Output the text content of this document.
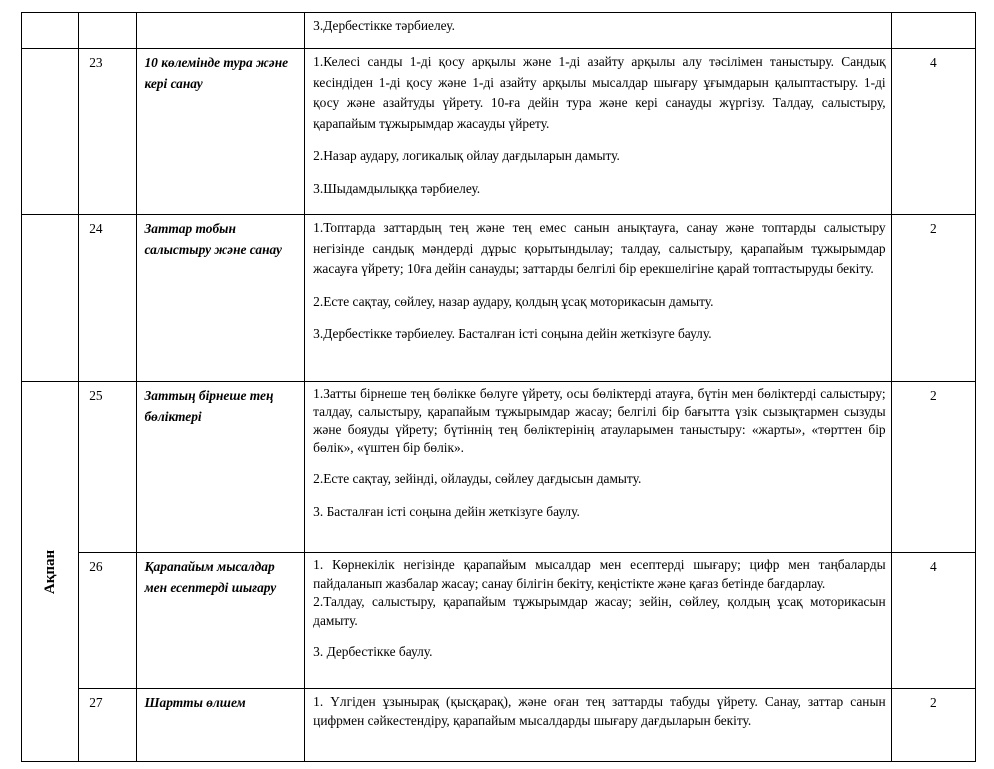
			3.Дербестікке тәрбиелеу.	

	23	10 көлемінде тура және кері санау	1.Келесі санды 1-ді қосу арқылы және 1-ді азайту арқылы алу тәсілімен таныстыру. Сандық кесіндіден 1-ді қосу және 1-ді азайту арқылы мысалдар шығару ұғымдарын қалыптастыру. 1-ді қосу және азайтуды үйрету. 10-ға дейін тура және кері санауды жүргізу. Талдау, салыстыру, қарапайым тұжырымдар жасауды үйрету.

2.Назар аудару, логикалық ойлау дағдыларын дамыту.

3.Шыдамдылыққа тәрбиелеу.	4
	24	Заттар тобын салыстыру және санау	1.Топтарда заттардың тең және тең емес санын анықтауға, санау және топтарды салыстыру негізінде сандық мәндерді дұрыс қорытындылау; талдау, салыстыру, қарапайым тұжырымдар жасауға үйрету; 10ға дейін санауды; заттарды белгілі бір ерекшелігіне қарай топтастыруды бекіту.

2.Есте сақтау, сөйлеу, назар аудару, қолдың ұсақ моторикасын дамыту.

3.Дербестікке тәрбиелеу. Басталған істі соңына дейін жеткізуге баулу.	2

Ақпан	25	Заттың бірнеше тең бөліктері	1.Затты бірнеше тең бөлікке бөлуге үйрету, осы бөліктерді атауға, бүтін мен бөліктерді салыстыру; талдау, салыстыру, қарапайым тұжырымдар жасау; белгілі бір бағытта үзік сызықтармен сызуды және бояуды үйрету; бүтіннің тең бөліктерінің атауларымен таныстыру: «жарты», «төрттен бір бөлік», «үштен бір бөлік».

2.Есте сақтау, зейінді, ойлауды, сөйлеу дағдысын дамыту.

3. Басталған істі соңына дейін жеткізуге баулу.	2
	26	Қарапайым мысалдар мен есептерді шығару	1. Көрнекілік негізінде қарапайым мысалдар мен есептерді шығару; цифр мен таңбаларды пайдаланып жазбалар жасау; санау білігін бекіту, кеңістікте және қағаз бетінде бағдарлау.

2.Талдау, салыстыру, қарапайым тұжырымдар жасау; зейін, сөйлеу, қолдың ұсақ моторикасын дамыту.

3. Дербестікке баулу.	4
	27	Шартты өлшем	1. Үлгіден ұзынырақ (қысқарақ), және оған тең заттарды табуды үйрету. Санау, заттар санын цифрмен сәйкестендіру, қарапайым мысалдарды шығару дағдыларын бекіту.	2
